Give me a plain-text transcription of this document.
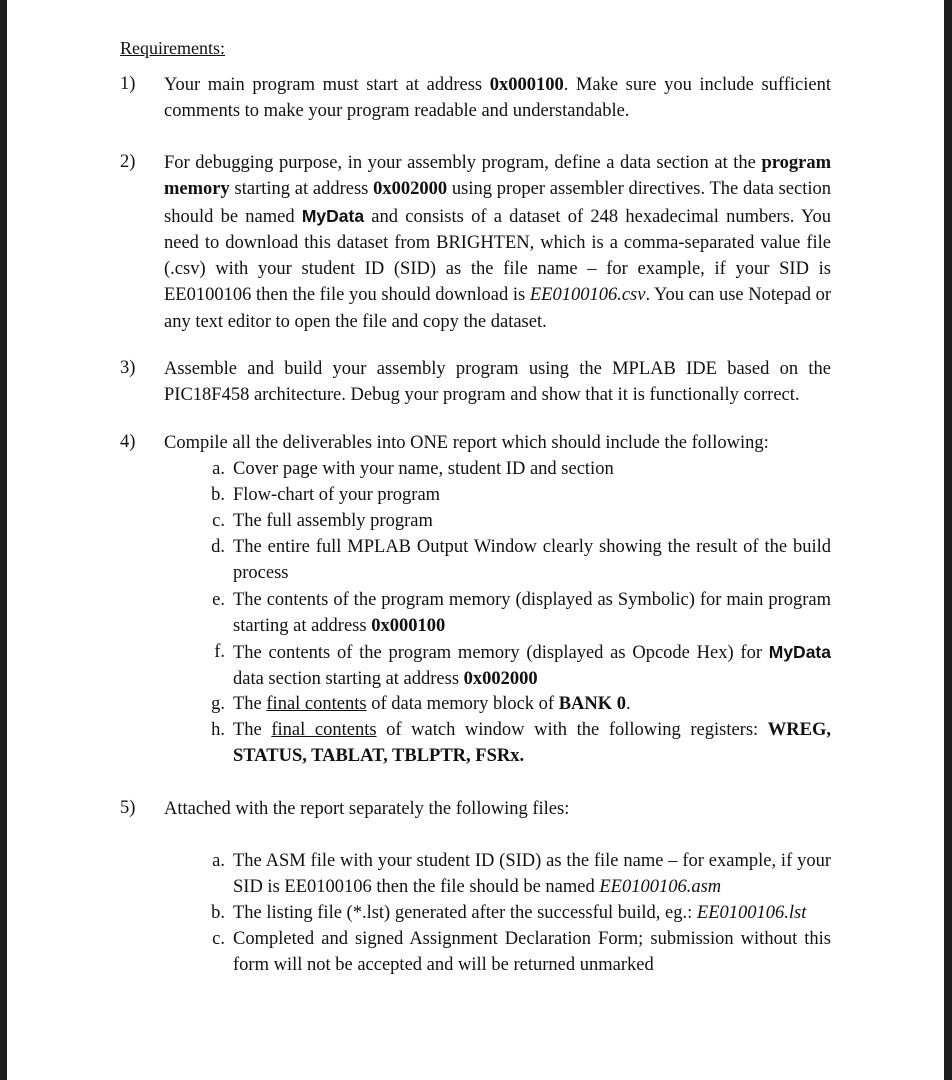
Requirements:
1) Your main program must start at address 0x000100. Make sure you include sufficient comments to make your program readable and understandable.
2) For debugging purpose, in your assembly program, define a data section at the program memory starting at address 0x002000 using proper assembler directives. The data section should be named MyData and consists of a dataset of 248 hexadecimal numbers. You need to download this dataset from BRIGHTEN, which is a comma-separated value file (.csv) with your student ID (SID) as the file name – for example, if your SID is EE0100106 then the file you should download is EE0100106.csv. You can use Notepad or any text editor to open the file and copy the dataset.
3) Assemble and build your assembly program using the MPLAB IDE based on the PIC18F458 architecture. Debug your program and show that it is functionally correct.
4) Compile all the deliverables into ONE report which should include the following:
a. Cover page with your name, student ID and section
b. Flow-chart of your program
c. The full assembly program
d. The entire full MPLAB Output Window clearly showing the result of the build process
e. The contents of the program memory (displayed as Symbolic) for main program starting at address 0x000100
f. The contents of the program memory (displayed as Opcode Hex) for MyData data section starting at address 0x002000
g. The final contents of data memory block of BANK 0.
h. The final contents of watch window with the following registers: WREG, STATUS, TABLAT, TBLPTR, FSRx.
5) Attached with the report separately the following files:
a. The ASM file with your student ID (SID) as the file name – for example, if your SID is EE0100106 then the file should be named EE0100106.asm
b. The listing file (*.lst) generated after the successful build, eg.: EE0100106.lst
c. Completed and signed Assignment Declaration Form; submission without this form will not be accepted and will be returned unmarked
